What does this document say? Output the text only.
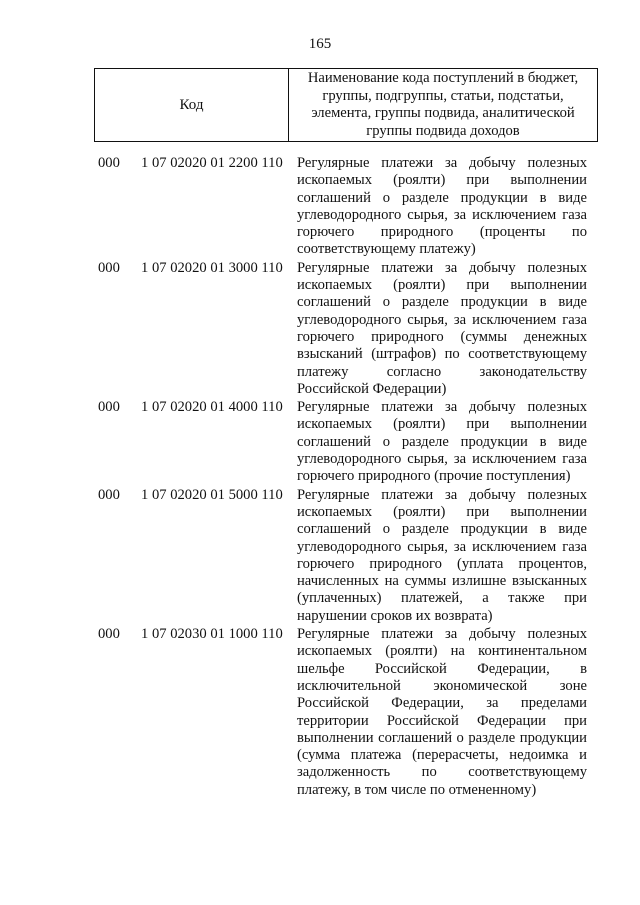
165
Код
Наименование кода поступлений в бюджет, группы, подгруппы, статьи, подстатьи, элемента, группы подвида, аналитической группы подвида доходов
000 1 07 02020 01 2200 110 Регулярные платежи за добычу полезных ископаемых (роялти) при выполнении соглашений о разделе продукции в виде углеводородного сырья, за исключением газа горючего природного (проценты по соответствующему платежу)
000 1 07 02020 01 3000 110 Регулярные платежи за добычу полезных ископаемых (роялти) при выполнении соглашений о разделе продукции в виде углеводородного сырья, за исключением газа горючего природного (суммы денежных взысканий (штрафов) по соответствующему платежу согласно законодательству Российской Федерации)
000 1 07 02020 01 4000 110 Регулярные платежи за добычу полезных ископаемых (роялти) при выполнении соглашений о разделе продукции в виде углеводородного сырья, за исключением газа горючего природного (прочие поступления)
000 1 07 02020 01 5000 110 Регулярные платежи за добычу полезных ископаемых (роялти) при выполнении соглашений о разделе продукции в виде углеводородного сырья, за исключением газа горючего природного (уплата процентов, начисленных на суммы излишне взысканных (уплаченных) платежей, а также при нарушении сроков их возврата)
000 1 07 02030 01 1000 110 Регулярные платежи за добычу полезных ископаемых (роялти) на континентальном шельфе Российской Федерации, в исключительной экономической зоне Российской Федерации, за пределами территории Российской Федерации при выполнении соглашений о разделе продукции (сумма платежа (перерасчеты, недоимка и задолженность по соответствующему платежу, в том числе по отмененному)
